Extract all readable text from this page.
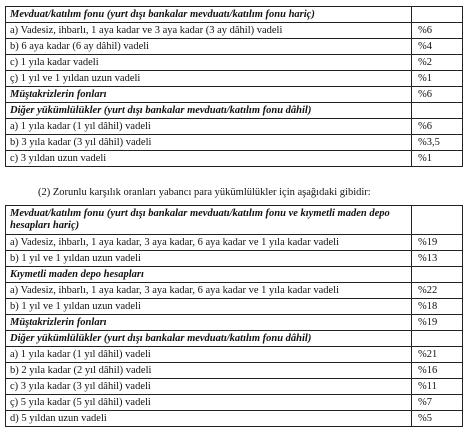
Mevduat/katılım fonu (yurt dışı bankalar mevduatı/katılım fonu hariç)	
a) Vadesiz, ihbarlı, 1 aya kadar ve 3 aya kadar (3 ay dâhil) vadeli	%6
b) 6 aya kadar (6 ay dâhil) vadeli	%4
c) 1 yıla kadar vadeli	%2
ç) 1 yıl ve 1 yıldan uzun vadeli	%1
Müştakrizlerin fonları	%6
Diğer yükümlülükler (yurt dışı bankalar mevduatı/katılım fonu dâhil)	
a) 1 yıla kadar (1 yıl dâhil) vadeli	%6
b) 3 yıla kadar (3 yıl dâhil) vadeli	%3,5
c) 3 yıldan uzun vadeli	%1
(2) Zorunlu karşılık oranları yabancı para yükümlülükler için aşağıdaki gibidir:
Mevduat/katılım fonu (yurt dışı bankalar mevduatı/katılım fonu ve kıymetli maden depo hesapları hariç)	
a) Vadesiz, ihbarlı, 1 aya kadar, 3 aya kadar, 6 aya kadar ve 1 yıla kadar vadeli	%19
b) 1 yıl ve 1 yıldan uzun vadeli	%13
Kıymetli maden depo hesapları	
a) Vadesiz, ihbarlı, 1 aya kadar, 3 aya kadar, 6 aya kadar ve 1 yıla kadar vadeli	%22
b) 1 yıl ve 1 yıldan uzun vadeli	%18
Müştakrizlerin fonları	%19
Diğer yükümlülükler (yurt dışı bankalar mevduatı/katılım fonu dâhil)	
a) 1 yıla kadar (1 yıl dâhil) vadeli	%21
b) 2 yıla kadar (2 yıl dâhil) vadeli	%16
c) 3 yıla kadar (3 yıl dâhil) vadeli	%11
ç) 5 yıla kadar (5 yıl dâhil) vadeli	%7
d) 5 yıldan uzun vadeli	%5
